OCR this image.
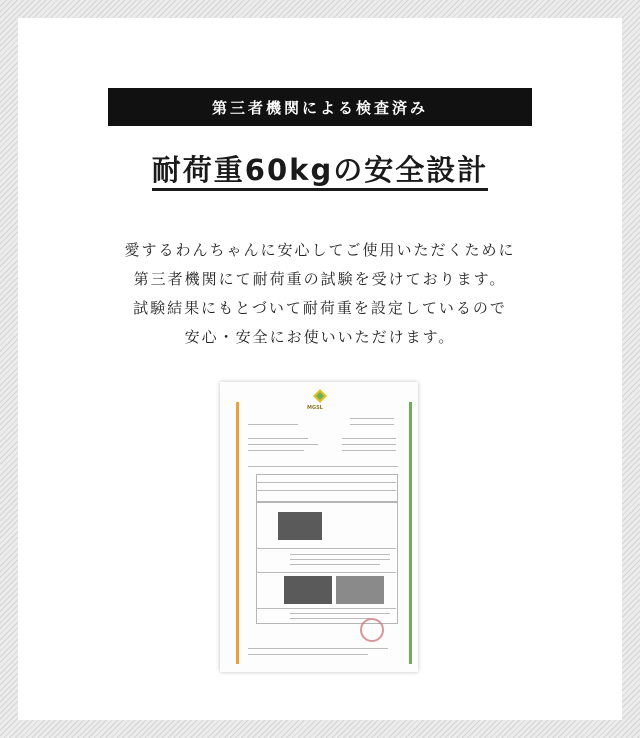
第三者機関による検査済み
耐荷重60kgの安全設計
愛するわんちゃんに安心してご使用いただくために
第三者機関にて耐荷重の試験を受けております。
試験結果にもとづいて耐荷重を設定しているので
安心・安全にお使いいただけます。
MGSL
